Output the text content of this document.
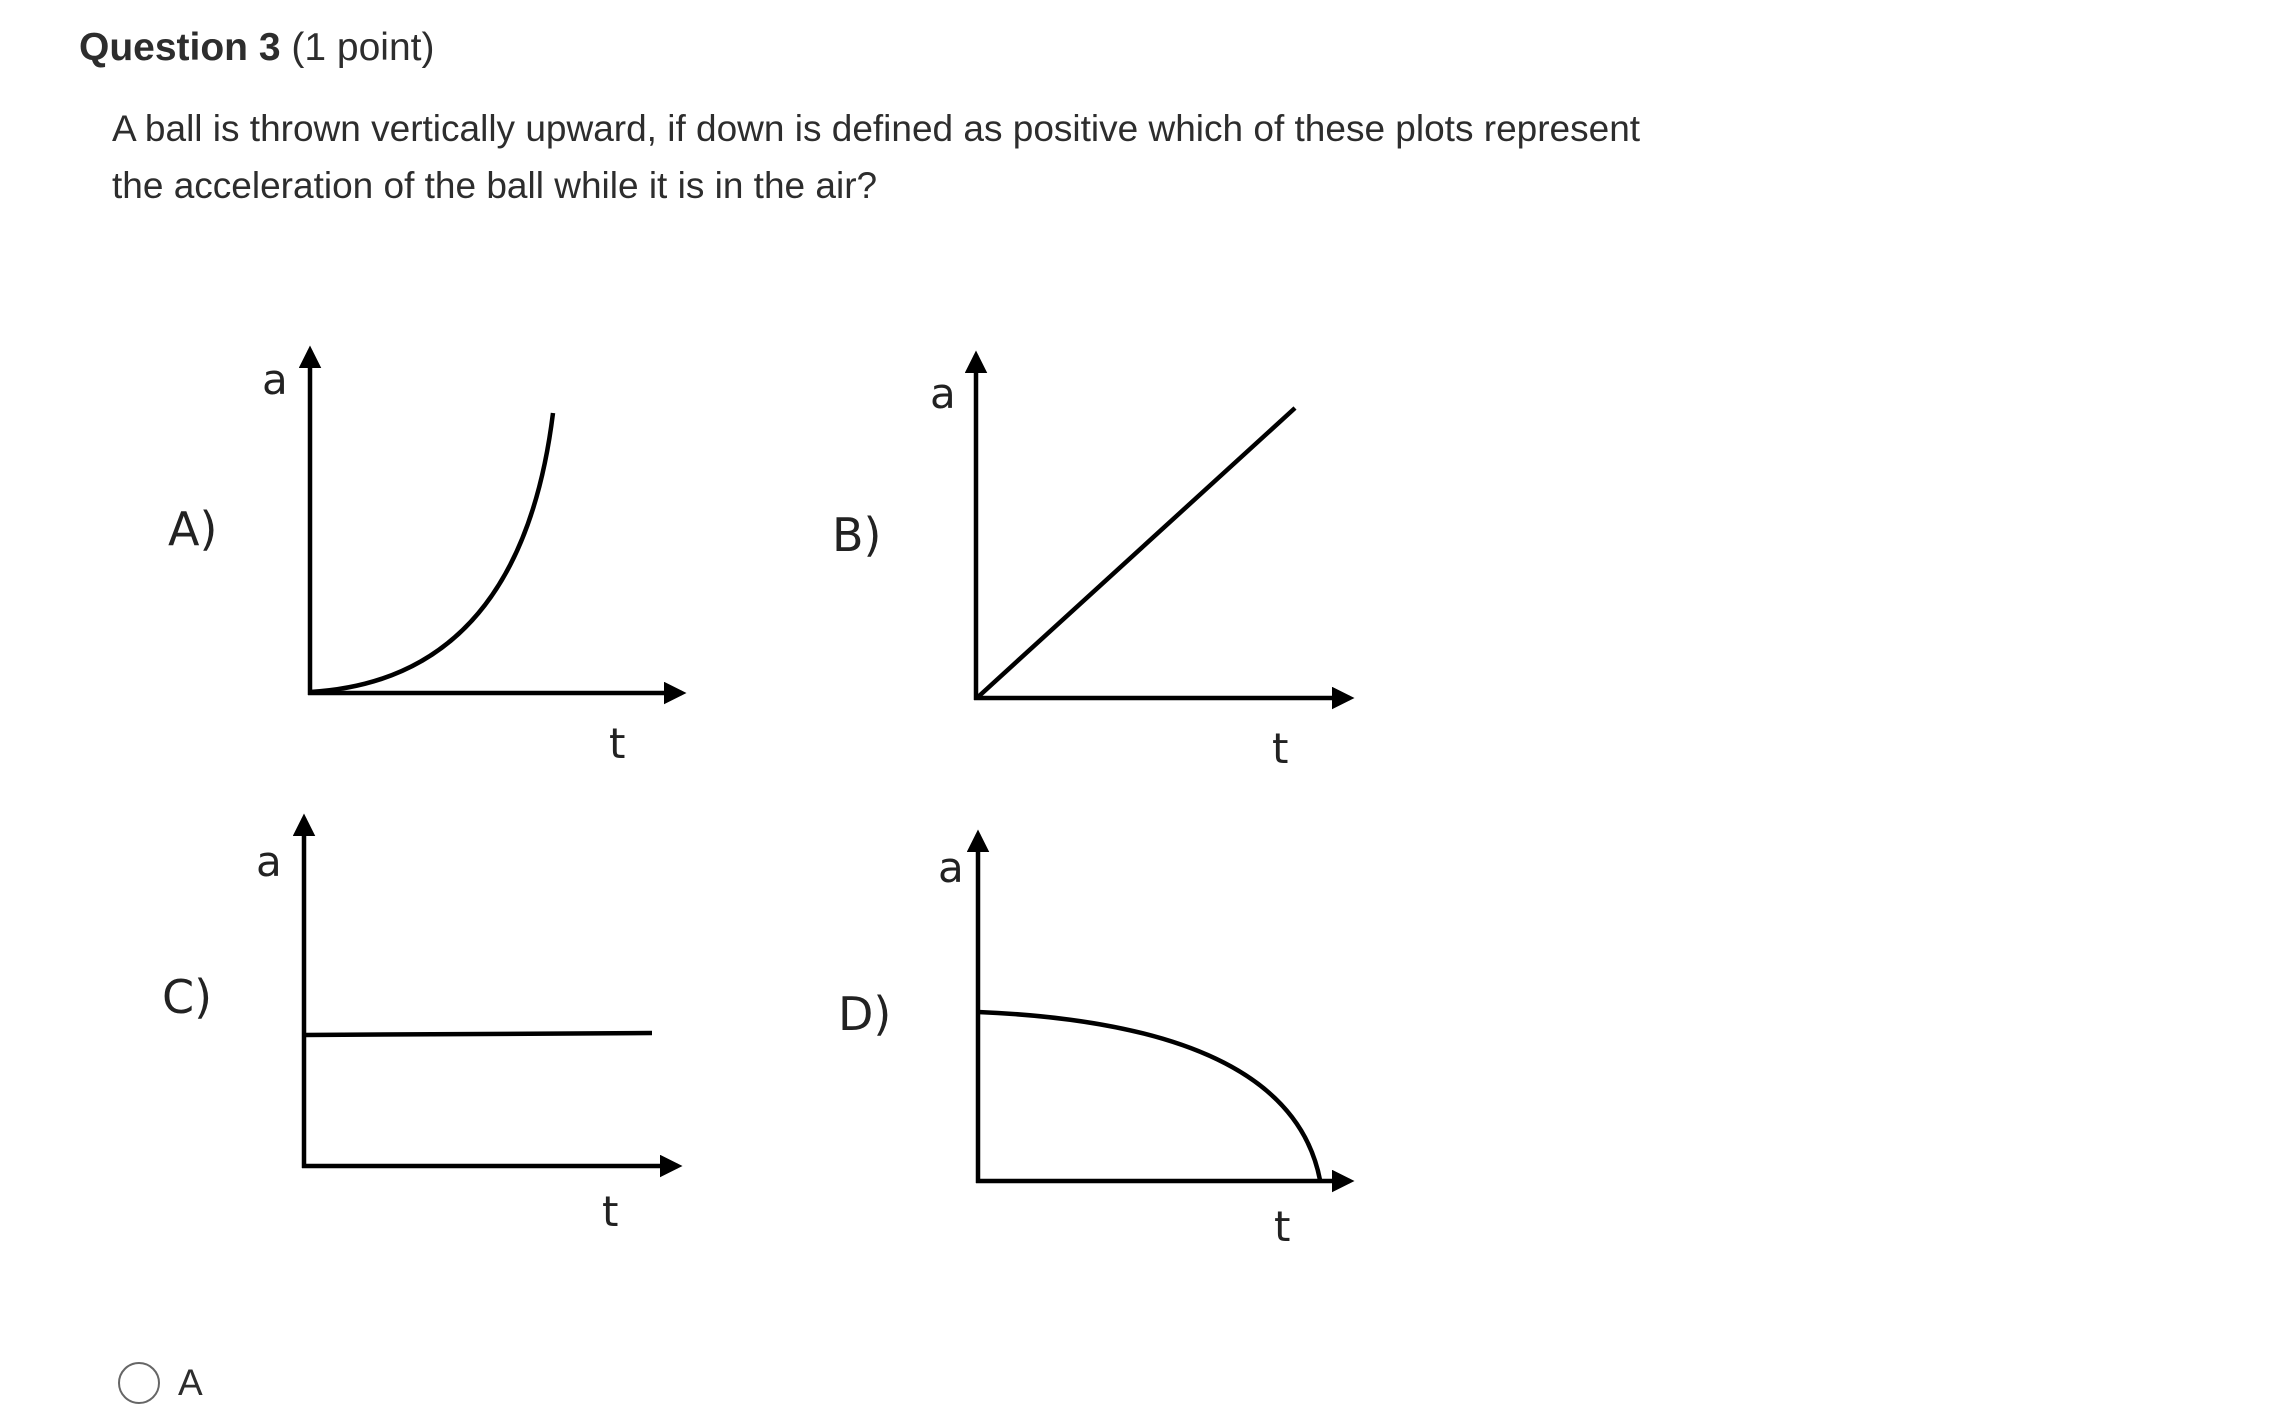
Question 3 (1 point)
A ball is thrown vertically upward, if down is defined as positive which of these plots represent the acceleration of the ball while it is in the air?
A)
a
t
B)
a
t
C)
a
t
D)
a
t
A
